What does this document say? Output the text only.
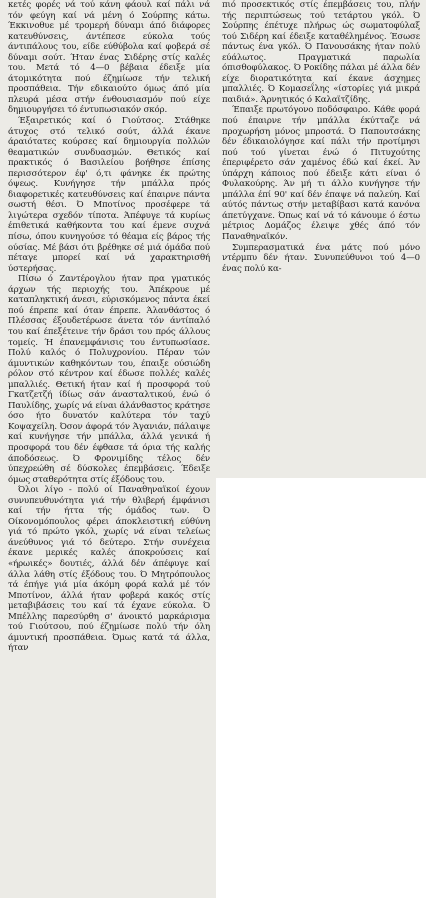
κετές φορές νά τού κάνη φάουλ καί πάλι νά τόν φεύγη καί νά μένη ό Σούρπης κάτω. Έκκινοθυε μέ τρομερή δύναμι άπό διάφορες κατευθύνσεις, άντέπεσε εύκολα τούς άντιπάλους του, είδε εύθύβολα καί φοβερά σέ δύναμι σούτ. Ήταν ένας Σιδέρης στίς καλές του. Μετά τό 4—0 βέβαια έδειξε μία άτομικότητα πού έζημίωσε τήν τελική προσπάθεια. Τήν εδικαιούτο όμως άπό μία πλευρά μέσα στήν ένθουσιασμόν πού είχε δημιουργήσει τό έντυπωσιακόν σκόρ.

Έξαιρετικός καί ό Γιούτσος. Στάθηκε άτυχος στό τελικό σούτ, άλλά έκανε άραιότατες κούρσες καί δημιουργία πολλών θεαματικών συνδυασμών. Θετικός καί πρακτικός ό Βασιλείου βοήθησε έπίσης περισσότερον έφ' ό,τι φάνηκε έκ πρώτης όψεως. Κυνήγησε τήν μπάλλα πρός διαφορετικές κατευθύνσεις καί έπαιρνε πάντα σωστή θέσι. Ό Μποτίνος προσέφερε τά λιγώτερα σχεδόν τίποτα. Άπέφυγε τά κυρίως έπιθετικά καθήκοντα του καί έμενε συχνά πίσω, όπου κυνηγούσε τό θέαμα είς βάρος τής ούσίας. Μέ βάσι ότι βρέθηκε σέ μιά όμάδα πού πέταγε μπορεί καί νά χαρακτηρισθή ύστερήσας.

Πίσω ό Ζαντέρογλου ήταν πρα γματικός άρχων τής περιοχής του. Άπέκρουε μέ καταπληκτική άνεσι, εύρισκόμενος πάντα έκεί πού έπρεπε καί όταν έπρεπε. Άλανθάστος ό Πλέσσας έξουδετέρωσε άνετα τόν άντίπαλό του καί έπεξέτεινε τήν δράσι του πρός άλλους τομείς. Ή έπανεμφάνισις του έντυπωσίασε. Πολύ καλός ό Πολυχρονίου. Πέραν τών άμυντικών καθηκόντων του, έπαιξε ούσιώδη ρόλον στό κέντρον καί έδωσε πολλές καλές μπαλλιές. Θετική ήταν καί ή προσφορά τού Γκατζετζή ίδίως σάν άνασταλτικού, ένώ ό Παυλίδης, χωρίς νά είναι άλάνθαστος κράτησε όσο ήτο δυνατόν καλύτερα τόν ταχύ Κοψαχείλη. Όσον άφορά τόν Άγανιάν, πάλαιψε καί κυνήγησε τήν μπάλλα, άλλά γενικά ή προσφορά του δέν έφθασε τά όρια τής καλής άποδόσεως. Ό Φρονιμίδης τέλος δέν ύπεχρεώθη σέ δύσκολες έπεμβάσεις. Έδειξε όμως σταθερότητα στίς έξόδους του.

Όλοι λίγο - πολύ οί Παναθηναϊκοί έχουν συνυπευθυνότητα γιά τήν θλιβερή έμφάνισι καί τήν ήττα τής όμάδος των. Ό Οίκονομόπουλος φέρει άποκλειστική εύθύνη γιά τό πρώτο γκόλ, χωρίς νά είναι τελείως άνεύθυνος γιά τό δεύτερο. Στήν συνέχεια έκανε μερικές καλές άποκρούσεις καί «ήρωικές» δουτιές, άλλά δέν άπέφυγε καί άλλα λάθη στίς έξόδους του. Ό Μητρόπουλος τά έπήγε γιά μία άκόμη φορά καλά μέ τόν Μποτίνον, άλλά ήταν φοβερά κακός στίς μεταβιβάσεις του καί τά έχανε εύκολα. Ό Μπέλλης παρεσύρθη σ' άνοικτό μαρκάρισμα τού Γιούτσου, πού έζημίωσε πολύ τήν όλη άμυντική προσπάθεια. Όμως κατά τά άλλα, ήταν

πιό προσεκτικός στίς έπεμβάσεις του, πλήν τής περιπτώσεως τού τετάρτου γκόλ. Ό Σούρπης έπέτυχε πλήρως ώς σωματοφύλαξ τού Σιδέρη καί έδειξε καταθέλημένος. Έσωσε πάντως ένα γκόλ. Ό Πανουσάκης ήταν πολύ εύάλωτος. Πραγματικά παρωλία όπισθοφύλακος. Ό Ροκίδης πάλαι μέ άλλα δέν είχε διορατικότητα καί έκανε άσχημες μπαλλιές. Ό Κομασεΐλης «ίστορίες γιά μικρά παιδιά». Άρνητικός ό Καλαϊτζίδης.

Έπαιξε πρωτόγονο ποδόσφαιρο. Κάθε φορά πού έπαιρνε τήν μπάλλα έκύτταζε νά προχωρήση μόνος μπροστά. Ό Παπουτσάκης δέν έδικαιολόγησε καί πάλι τήν προτίμησι πού τού γίνεται ένώ ό Πιτυχούτης έπεριφέρετο σάν χαμένος έδώ καί έκεί. Άν ύπάρχη κάποιος πού έδειξε κάτι είναι ό Φυλακούρης. Άν μή τι άλλο κυνήγησε τήν μπάλλα έπί 90' καί δέν έπαψε νά παλεύη. Καί αύτός πάντως στήν μεταβίβασι κατά κανόνα άπετύγχανε. Όπως καί νά τό κάνουμε ό έστω μέτριος Δομάζος έλειψε χθές άπό τόν Παναθηναϊκόν.

Συμπερασματικά ένα μάτς πού μόνο ντέρμπυ δέν ήταν. Συνυπεύθυνοι τού 4—0 ένας πολύ κα-
